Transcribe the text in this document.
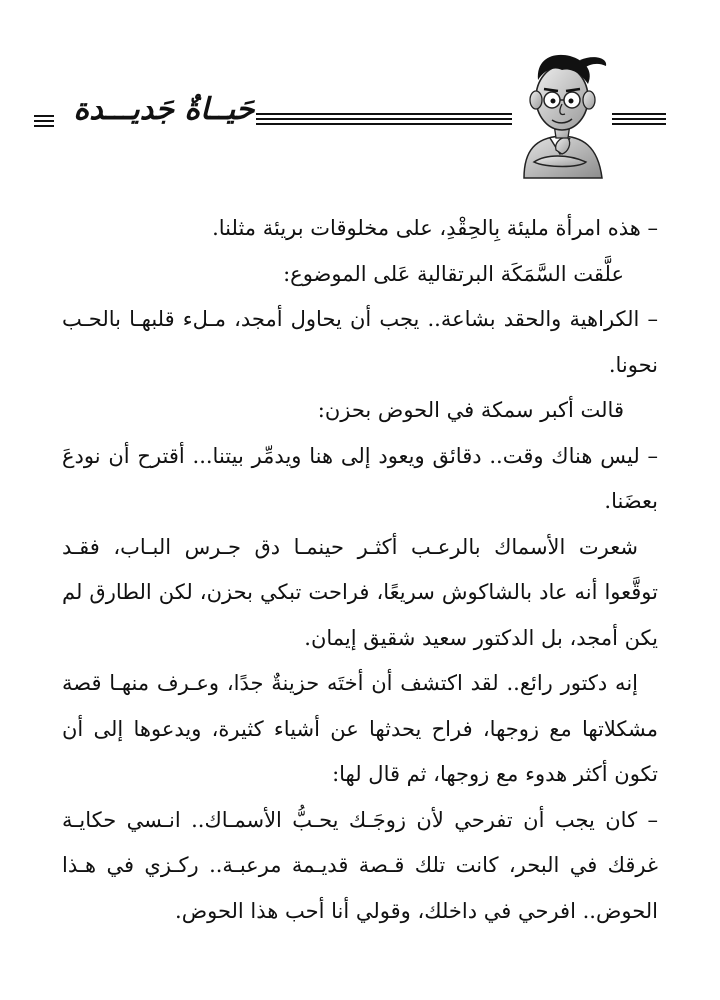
حَيــاةٌ جَديـــدة

– هذه امرأة مليئة بِالحِقْدِ، على مخلوقات بريئة مثلنا.

علَّقت السَّمَكَة البرتقالية عَلى الموضوع:

– الكراهية والحقد بشاعة.. يجب أن يحاول أمجد، مـلء قلبهـا بالحـب نحونا.

قالت أكبر سمكة في الحوض بحزن:

– ليس هناك وقت.. دقائق ويعود إلى هنا ويدمِّر بيتنا... أقترح أن نودعَ بعضَنا.

شعرت الأسماك بالرعـب أكثـر حينمـا دق جـرس البـاب، فقـد توقَّعوا أنه عاد بالشاكوش سريعًا، فراحت تبكي بحزن، لكن الطارق لم يكن أمجد، بل الدكتور سعيد شقيق إيمان.

إنه دكتور رائع.. لقد اكتشف أن أختَه حزينةٌ جدًا، وعـرف منهـا قصة مشكلاتها مع زوجها، فراح يحدثها عن أشياء كثيرة، ويدعوها إلى أن تكون أكثر هدوء مع زوجها، ثم قال لها:

– كان يجب أن تفرحي لأن زوجَـك يحـبُّ الأسمـاك.. انـسي حكايـة غرقك في البحر، كانت تلك قـصة قديـمة مرعبـة.. ركـزي في هـذا الحوض.. افرحي في داخلك، وقولي أنا أحب هذا الحوض.
